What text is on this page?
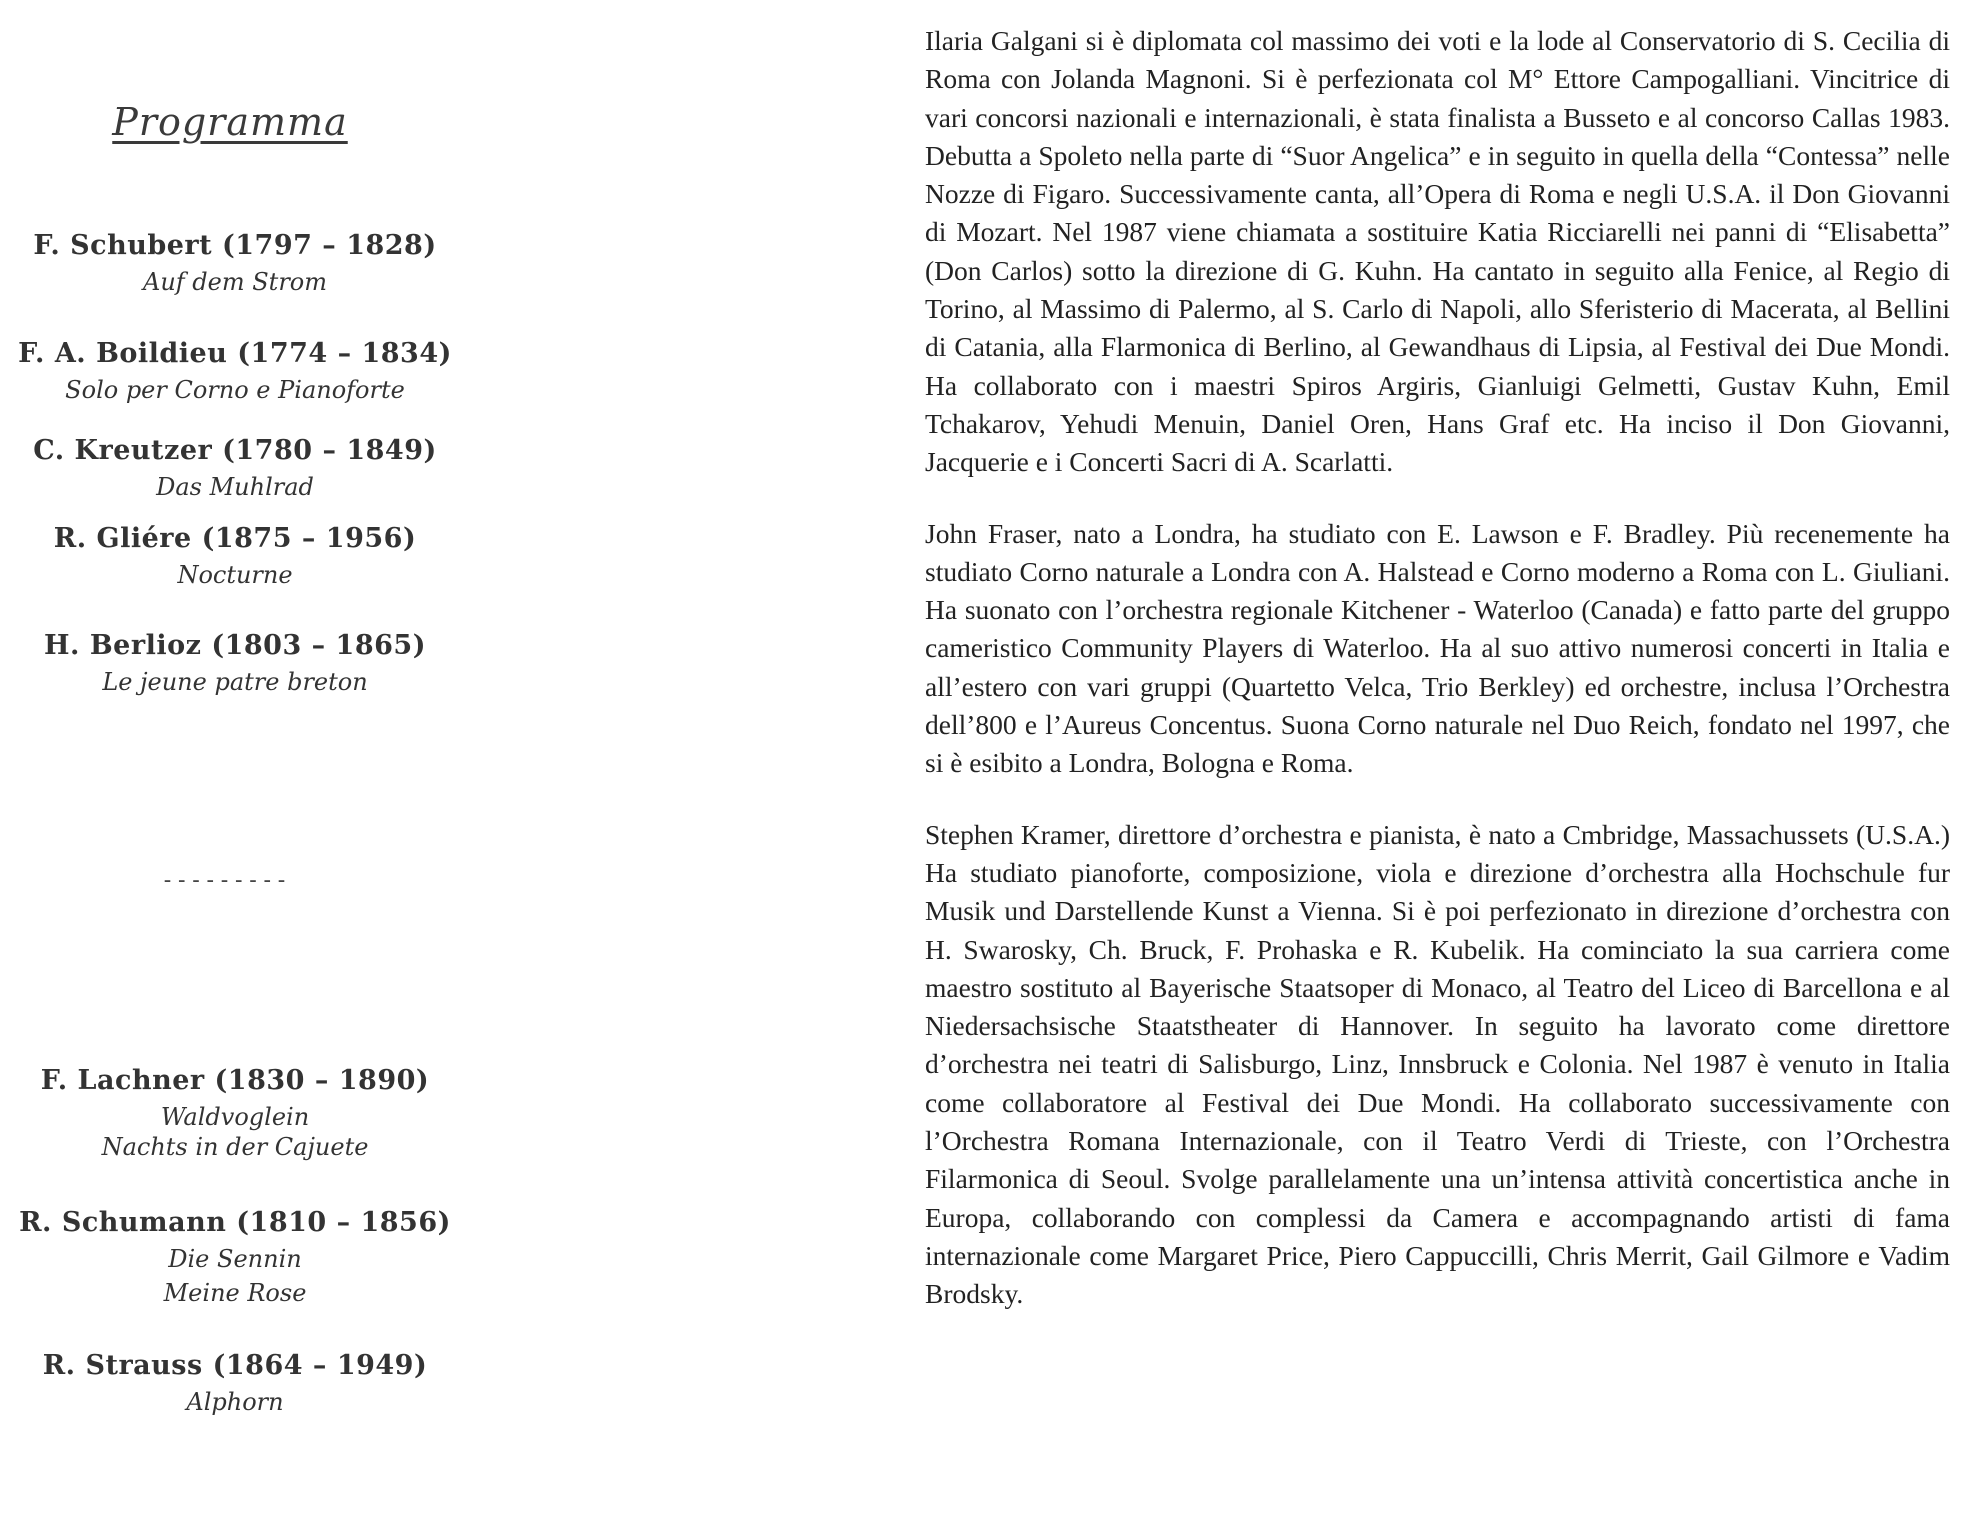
Programma
F. Schubert (1797 – 1828)
Auf dem Strom
F. A. Boildieu (1774 – 1834)
Solo per Corno e Pianoforte
C. Kreutzer (1780 – 1849)
Das Muhlrad
R. Gliére (1875 – 1956)
Nocturne
H. Berlioz (1803 – 1865)
Le jeune patre breton
---------
F. Lachner (1830 – 1890)
Waldvoglein
Nachts in der Cajuete
R. Schumann (1810 – 1856)
Die Sennin
Meine Rose
R. Strauss (1864 – 1949)
Alphorn

Ilaria Galgani si è diplomata col massimo dei voti e la lode al Conservatorio di S. Cecilia di Roma con Jolanda Magnoni. Si è perfezionata col M° Ettore Campogalliani. Vincitrice di vari concorsi nazionali e internazionali, è stata finalista a Busseto e al concorso Callas 1983. Debutta a Spoleto nella parte di “Suor Angelica” e in seguito in quella della “Contessa” nelle Nozze di Figaro. Successivamente canta, all’Opera di Roma e negli U.S.A. il Don Giovanni di Mozart. Nel 1987 viene chiamata a sostituire Katia Ricciarelli nei panni di “Elisabetta” (Don Carlos) sotto la direzione di G. Kuhn. Ha cantato in seguito alla Fenice, al Regio di Torino, al Massimo di Palermo, al S. Carlo di Napoli, allo Sferisterio di Macerata, al Bellini di Catania, alla Flarmonica di Berlino, al Gewandhaus di Lipsia, al Festival dei Due Mondi. Ha collaborato con i maestri Spiros Argiris, Gianluigi Gelmetti, Gustav Kuhn, Emil Tchakarov, Yehudi Menuin, Daniel Oren, Hans Graf etc. Ha inciso il Don Giovanni, Jacquerie e i Concerti Sacri di A. Scarlatti.

John Fraser, nato a Londra, ha studiato con E. Lawson e F. Bradley. Più recenemente ha studiato Corno naturale a Londra con A. Halstead e Corno moderno a Roma con L. Giuliani. Ha suonato con l’orchestra regionale Kitchener - Waterloo (Canada) e fatto parte del gruppo cameristico Community Players di Waterloo. Ha al suo attivo numerosi concerti in Italia e all’estero con vari gruppi (Quartetto Velca, Trio Berkley) ed orchestre, inclusa l’Orchestra dell’800 e l’Aureus Concentus. Suona Corno naturale nel Duo Reich, fondato nel 1997, che si è esibito a Londra, Bologna e Roma.

Stephen Kramer, direttore d’orchestra e pianista, è nato a Cmbridge, Massachussets (U.S.A.) Ha studiato pianoforte, composizione, viola e direzione d’orchestra alla Hochschule fur Musik und Darstellende Kunst a Vienna. Si è poi perfezionato in direzione d’orchestra con H. Swarosky, Ch. Bruck, F. Prohaska e R. Kubelik. Ha cominciato la sua carriera come maestro sostituto al Bayerische Staatsoper di Monaco, al Teatro del Liceo di Barcellona e al Niedersachsische Staatstheater di Hannover. In seguito ha lavorato come direttore d’orchestra nei teatri di Salisburgo, Linz, Innsbruck e Colonia. Nel 1987 è venuto in Italia come collaboratore al Festival dei Due Mondi. Ha collaborato successivamente con l’Orchestra Romana Internazionale, con il Teatro Verdi di Trieste, con l’Orchestra Filarmonica di Seoul. Svolge parallelamente una un’intensa attività concertistica anche in Europa, collaborando con complessi da Camera e accompagnando artisti di fama internazionale come Margaret Price, Piero Cappuccilli, Chris Merrit, Gail Gilmore e Vadim Brodsky.
